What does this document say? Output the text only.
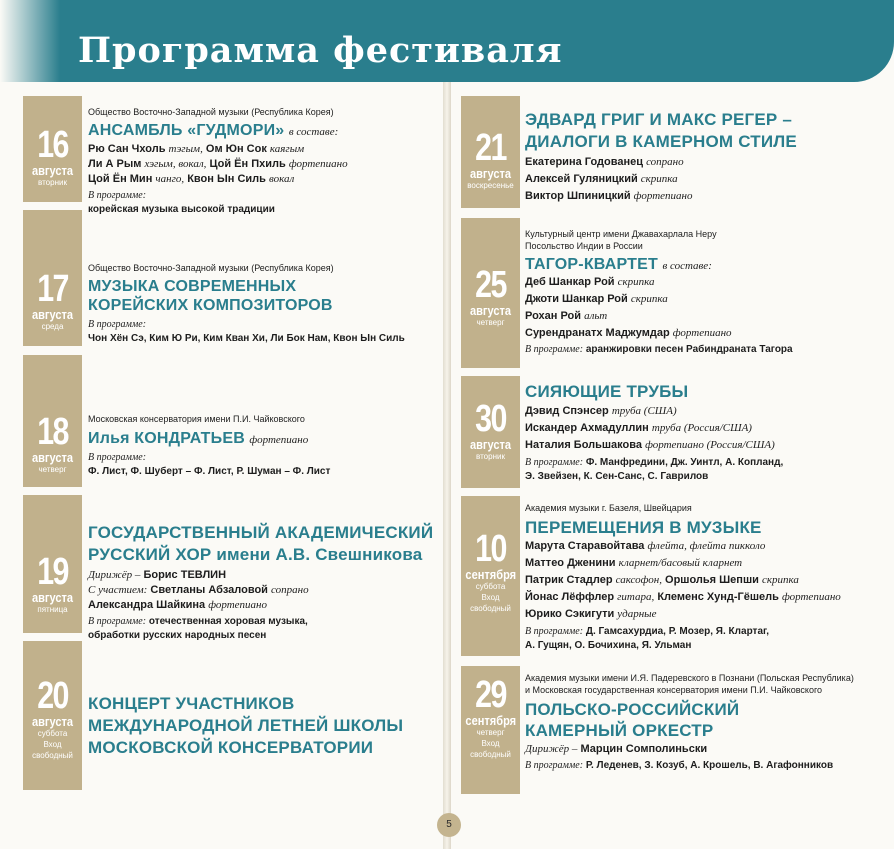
Программа фестиваля
16
августа
вторник
17
августа
среда
18
августа
четверг
19
августа
пятница
20
августа
суббота
Вход
свободный
21
августа
воскресенье
25
августа
четверг
30
августа
вторник
10
сентября
суббота
Вход
свободный
29
сентября
четверг
Вход
свободный
Общество Восточно-Западной музыки (Республика Корея)
АНСАМБЛЬ «ГУДМОРИ» в составе:
Рю Сан Чхоль тэгым, Ом Юн Сок каягым
Ли А Рым хэгым, вокал, Цой Ён Пхиль фортепиано
Цой Ён Мин чанго, Квон Ын Силь вокал
В программе:
корейская музыка высокой традиции
Общество Восточно-Западной музыки (Республика Корея)
МУЗЫКА СОВРЕМЕННЫХ
КОРЕЙСКИХ КОМПОЗИТОРОВ
В программе:
Чон Хён Сэ, Ким Ю Ри, Ким Кван Хи, Ли Бок Нам, Квон Ын Силь
Московская консерватория имени П.И. Чайковского
Илья КОНДРАТЬЕВ фортепиано
В программе:
Ф. Лист, Ф. Шуберт – Ф. Лист, Р. Шуман – Ф. Лист
ГОСУДАРСТВЕННЫЙ АКАДЕМИЧЕСКИЙ
РУССКИЙ ХОР имени А.В. Свешникова
Дирижёр – Борис ТЕВЛИН
С участием: Светланы Абзаловой сопрано
Александра Шайкина фортепиано
В программе: отечественная хоровая музыка,
обработки русских народных песен
КОНЦЕРТ УЧАСТНИКОВ
МЕЖДУНАРОДНОЙ ЛЕТНЕЙ ШКОЛЫ
МОСКОВСКОЙ КОНСЕРВАТОРИИ
ЭДВАРД ГРИГ И МАКС РЕГЕР –
ДИАЛОГИ В КАМЕРНОМ СТИЛЕ
Екатерина Годованец сопрано
Алексей Гуляницкий скрипка
Виктор Шпиницкий фортепиано
Культурный центр имени Джавахарлала Неру
Посольство Индии в России
ТАГОР-КВАРТЕТ в составе:
Деб Шанкар Рой скрипка
Джоти Шанкар Рой скрипка
Рохан Рой альт
Сурендранатх Маджумдар фортепиано
В программе: аранжировки песен Рабиндраната Тагора
СИЯЮЩИЕ ТРУБЫ
Дэвид Спэнсер труба (США)
Искандер Ахмадуллин труба (Россия/США)
Наталия Большакова фортепиано (Россия/США)
В программе: Ф. Манфредини, Дж. Уинтл, А. Копланд,
Э. Звейзен, К. Сен-Санс, С. Гаврилов
Академия музыки г. Базеля, Швейцария
ПЕРЕМЕЩЕНИЯ В МУЗЫКЕ
Марута Старавойтава флейта, флейта пикколо
Маттео Дженини кларнет/басовый кларнет
Патрик Стадлер саксофон, Оршолья Шепши скрипка
Йонас Лёффлер гитара, Клеменс Хунд-Гёшель фортепиано
Юрико Сэкигути ударные
В программе: Д. Гамсахурдиа, Р. Мозер, Я. Клартаг,
А. Гущян, О. Бочихина, Я. Ульман
Академия музыки имени И.Я. Падеревского в Познани (Польская Республика)
и Московская государственная консерватория имени П.И. Чайковского
ПОЛЬСКО-РОССИЙСКИЙ
КАМЕРНЫЙ ОРКЕСТР
Дирижёр – Марцин Сомполиньски
В программе: Р. Леденев, З. Козуб, А. Крошель, В. Агафонников
5
